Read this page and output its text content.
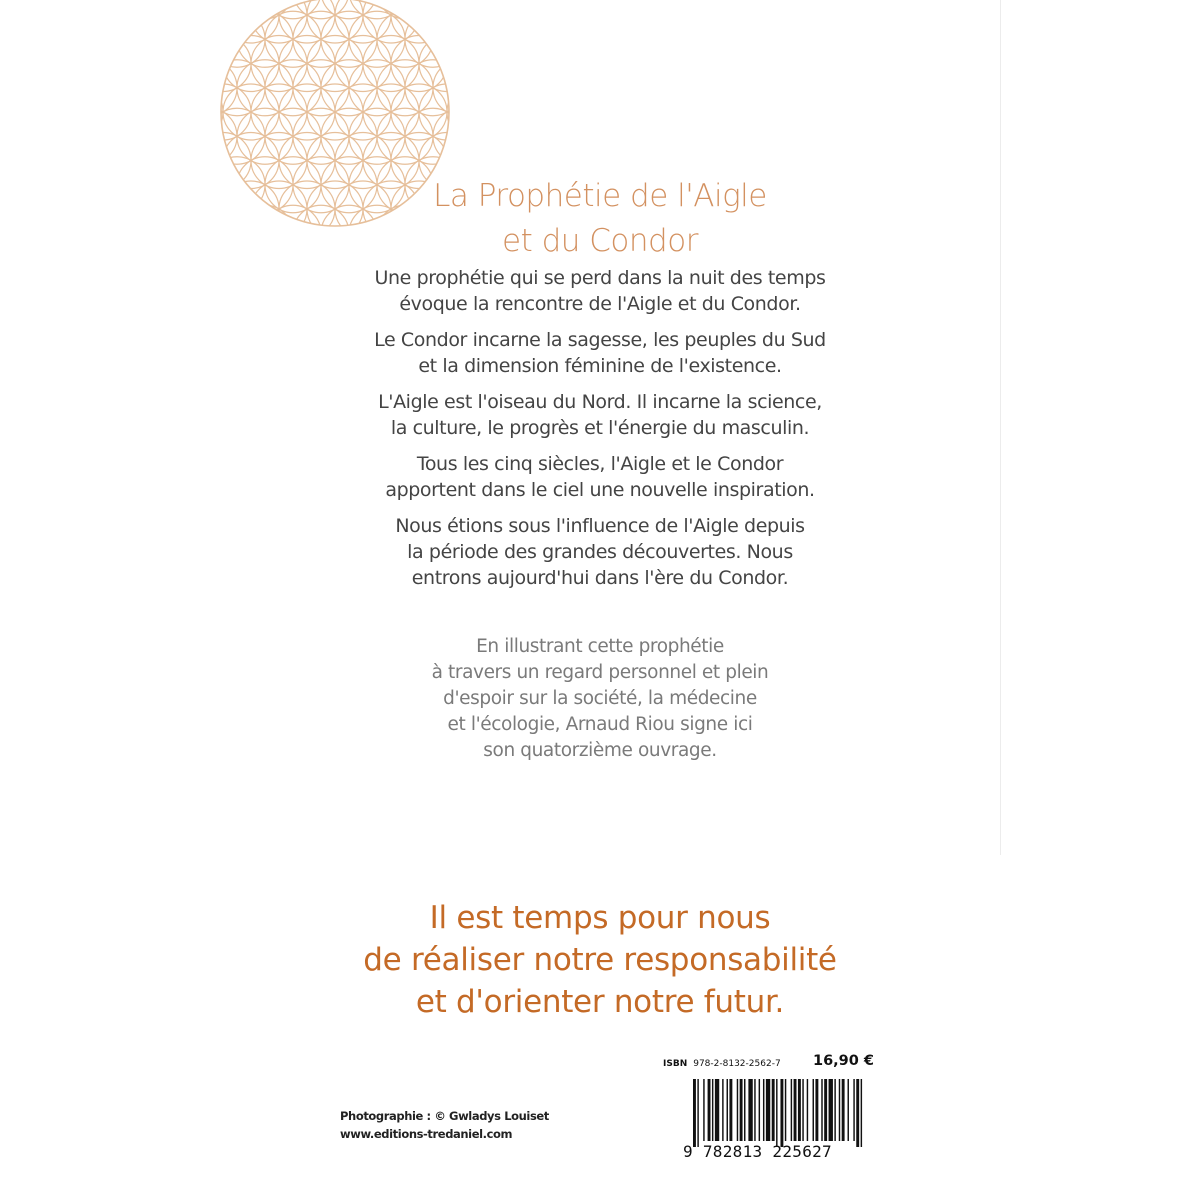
La Prophétie de l'Aigle
et du Condor

Une prophétie qui se perd dans la nuit des temps
évoque la rencontre de l'Aigle et du Condor.

Le Condor incarne la sagesse, les peuples du Sud
et la dimension féminine de l'existence.

L'Aigle est l'oiseau du Nord. Il incarne la science,
la culture, le progrès et l'énergie du masculin.

Tous les cinq siècles, l'Aigle et le Condor
apportent dans le ciel une nouvelle inspiration.

Nous étions sous l'influence de l'Aigle depuis
la période des grandes découvertes. Nous
entrons aujourd'hui dans l'ère du Condor.

En illustrant cette prophétie
à travers un regard personnel et plein
d'espoir sur la société, la médecine
et l'écologie, Arnaud Riou signe ici
son quatorzième ouvrage.
Il est temps pour nous
de réaliser notre responsabilité
et d'orienter notre futur.
Photographie : © Gwladys Louiset
www.editions-tredaniel.com
ISBN 978-2-8132-2562-7 16,90 €
9 782813 225627
